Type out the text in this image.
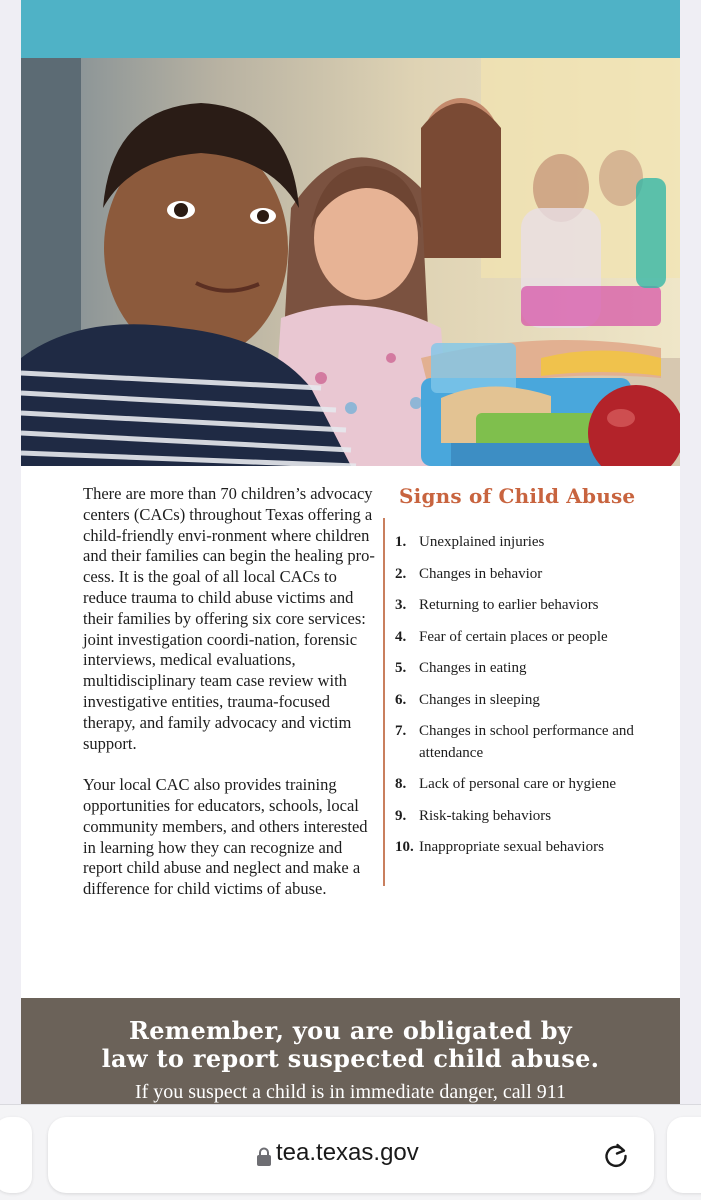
There are more than 70 children’s advocacy centers (CACs) throughout Texas offering a child-friendly envi-ronment where children and their families can begin the healing pro-cess. It is the goal of all local CACs to reduce trauma to child abuse victims and their families by offering six core services: joint investigation coordi-nation, forensic interviews, medical evaluations, multidisciplinary team case review with investigative entities, trauma-focused therapy, and family advocacy and victim support.

Your local CAC also provides training opportunities for educators, schools, local community members, and others interested in learning how they can recognize and report child abuse and neglect and make a difference for child victims of abuse.

Signs of Child Abuse
1. Unexplained injuries
2. Changes in behavior
3. Returning to earlier behaviors
4. Fear of certain places or people
5. Changes in eating
6. Changes in sleeping
7. Changes in school performance and attendance
8. Lack of personal care or hygiene
9. Risk-taking behaviors
10. Inappropriate sexual behaviors
Remember, you are obligated by
law to report suspected child abuse.
If you suspect a child is in immediate danger, call 911
tea.texas.gov
